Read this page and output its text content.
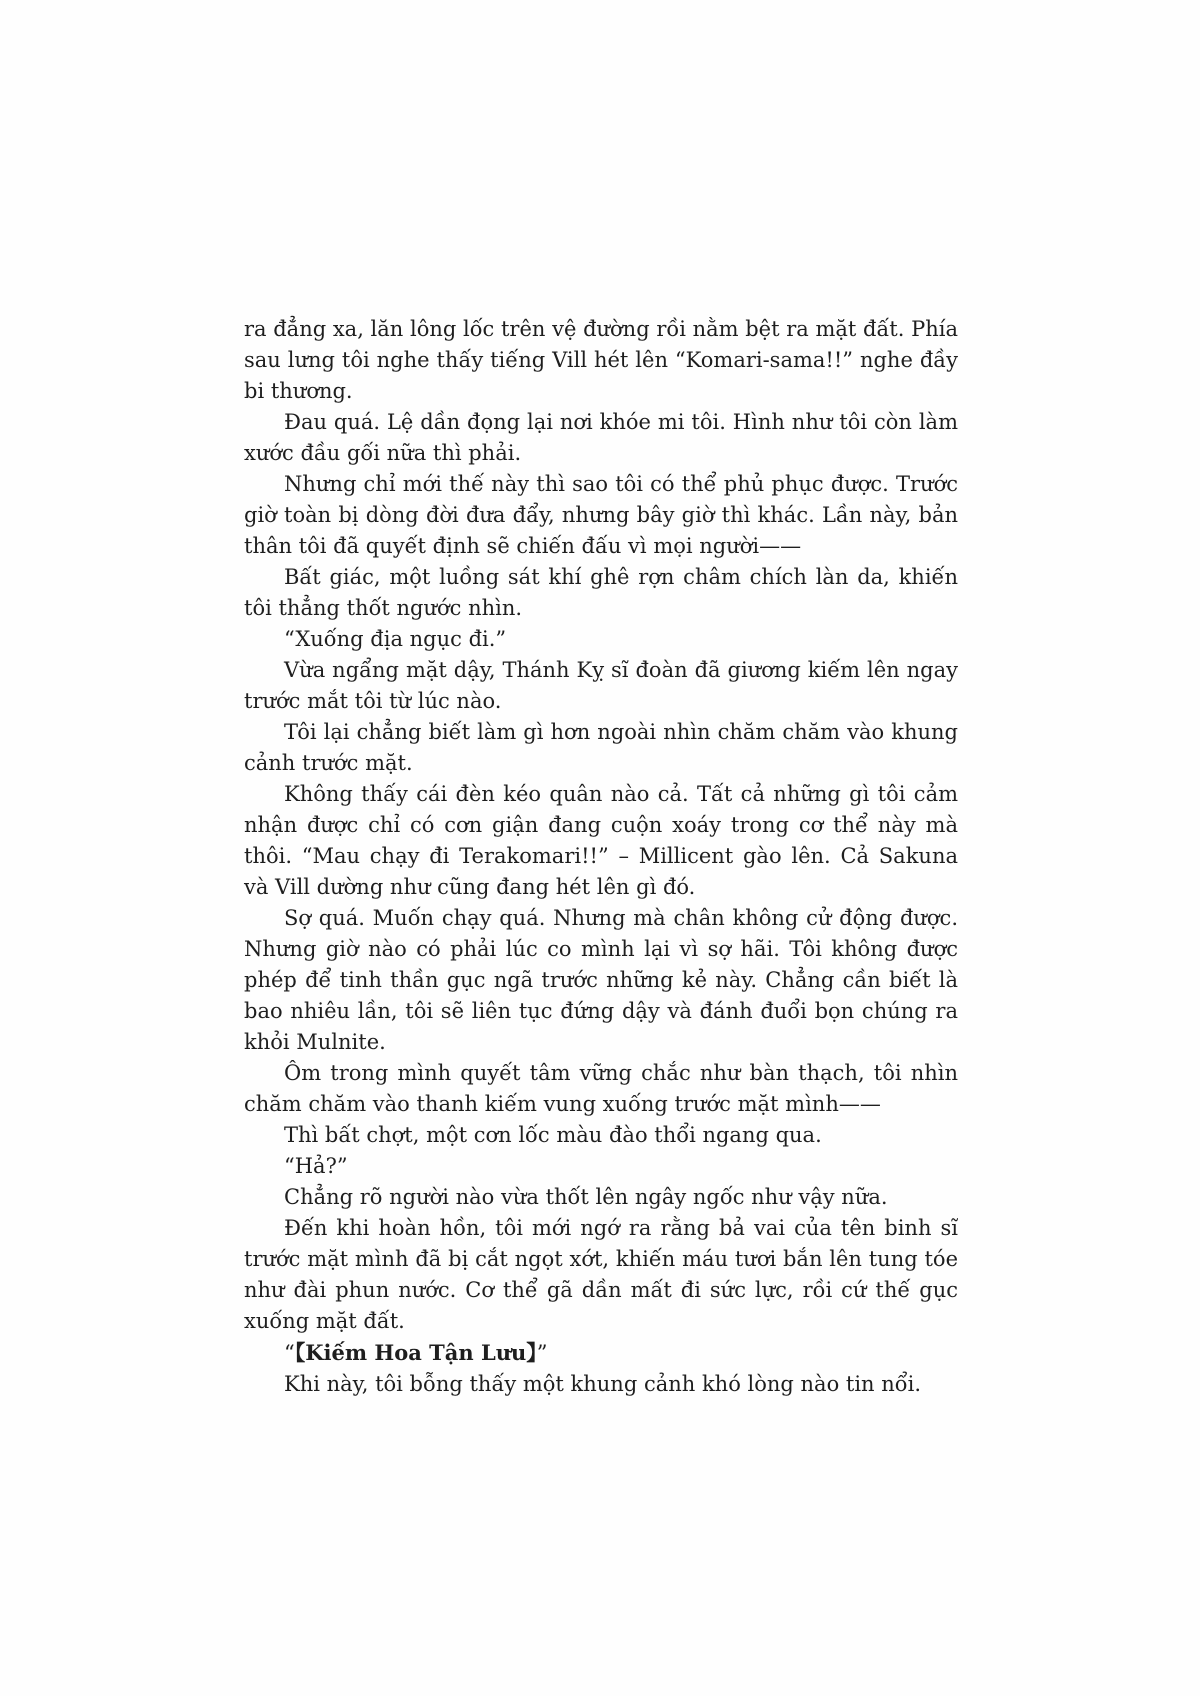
ra đẳng xa, lăn lông lốc trên vệ đường rồi nằm bệt ra mặt đất. Phía sau lưng tôi nghe thấy tiếng Vill hét lên “Komari-sama!!” nghe đầy bi thương.

Đau quá. Lệ dần đọng lại nơi khóe mi tôi. Hình như tôi còn làm xước đầu gối nữa thì phải.

Nhưng chỉ mới thế này thì sao tôi có thể phủ phục được. Trước giờ toàn bị dòng đời đưa đẩy, nhưng bây giờ thì khác. Lần này, bản thân tôi đã quyết định sẽ chiến đấu vì mọi người——

Bất giác, một luồng sát khí ghê rợn châm chích làn da, khiến tôi thẳng thốt ngước nhìn.

“Xuống địa ngục đi.”

Vừa ngẩng mặt dậy, Thánh Kỵ sĩ đoàn đã giương kiếm lên ngay trước mắt tôi từ lúc nào.

Tôi lại chẳng biết làm gì hơn ngoài nhìn chăm chăm vào khung cảnh trước mặt.

Không thấy cái đèn kéo quân nào cả. Tất cả những gì tôi cảm nhận được chỉ có cơn giận đang cuộn xoáy trong cơ thể này mà thôi. “Mau chạy đi Terakomari!!” – Millicent gào lên. Cả Sakuna và Vill dường như cũng đang hét lên gì đó.

Sợ quá. Muốn chạy quá. Nhưng mà chân không cử động được. Nhưng giờ nào có phải lúc co mình lại vì sợ hãi. Tôi không được phép để tinh thần gục ngã trước những kẻ này. Chẳng cần biết là bao nhiêu lần, tôi sẽ liên tục đứng dậy và đánh đuổi bọn chúng ra khỏi Mulnite.

Ôm trong mình quyết tâm vững chắc như bàn thạch, tôi nhìn chăm chăm vào thanh kiếm vung xuống trước mặt mình——

Thì bất chợt, một cơn lốc màu đào thổi ngang qua.

“Hả?”

Chẳng rõ người nào vừa thốt lên ngây ngốc như vậy nữa.

Đến khi hoàn hồn, tôi mới ngớ ra rằng bả vai của tên binh sĩ trước mặt mình đã bị cắt ngọt xớt, khiến máu tươi bắn lên tung tóe như đài phun nước. Cơ thể gã dần mất đi sức lực, rồi cứ thế gục xuống mặt đất.

“【Kiếm Hoa Tận Lưu】”

Khi này, tôi bỗng thấy một khung cảnh khó lòng nào tin nổi.
